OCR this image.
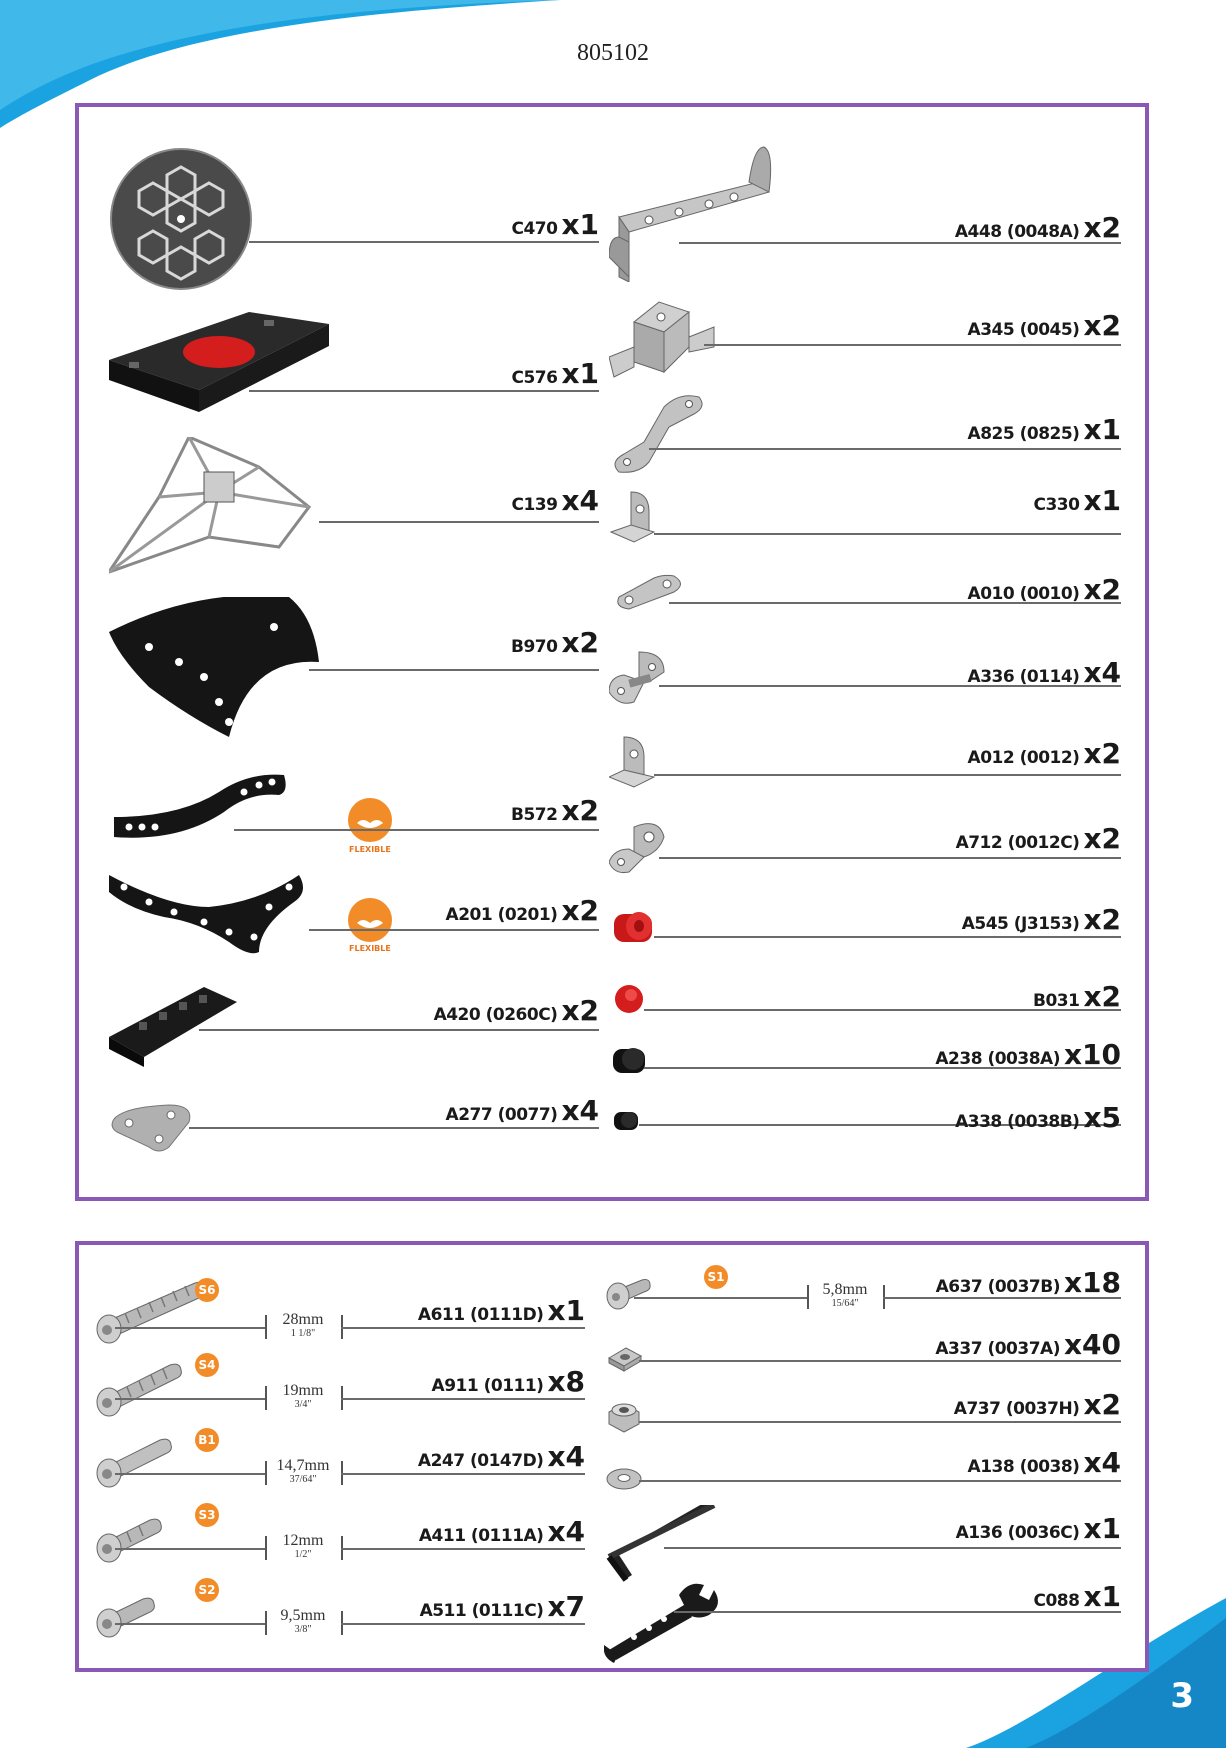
805102
3
C470 x1
C576 x1
C139 x4
B970 x2
FLEXIBLE
B572 x2
FLEXIBLE
A201 (0201) x2
A420 (0260C) x2
A277 (0077) x4
A448 (0048A) x2
A345 (0045) x2
A825 (0825) x1
C330 x1
A010 (0010) x2
A336 (0114) x4
A012 (0012) x2
A712 (0012C) x2
A545 (J3153) x2
B031 x2
A238 (0038A) x10
A338 (0038B) x5
S6
28mm
1 1/8"
A611 (0111D) x1
S4
19mm
3/4"
A911 (0111) x8
B1
14,7mm
37/64"
A247 (0147D) x4
S3
12mm
1/2"
A411 (0111A) x4
S2
9,5mm
3/8"
A511 (0111C) x7
S1
5,8mm
15/64"
A637 (0037B) x18
A337 (0037A) x40
A737 (0037H) x2
A138 (0038) x4
A136 (0036C) x1
C088 x1
